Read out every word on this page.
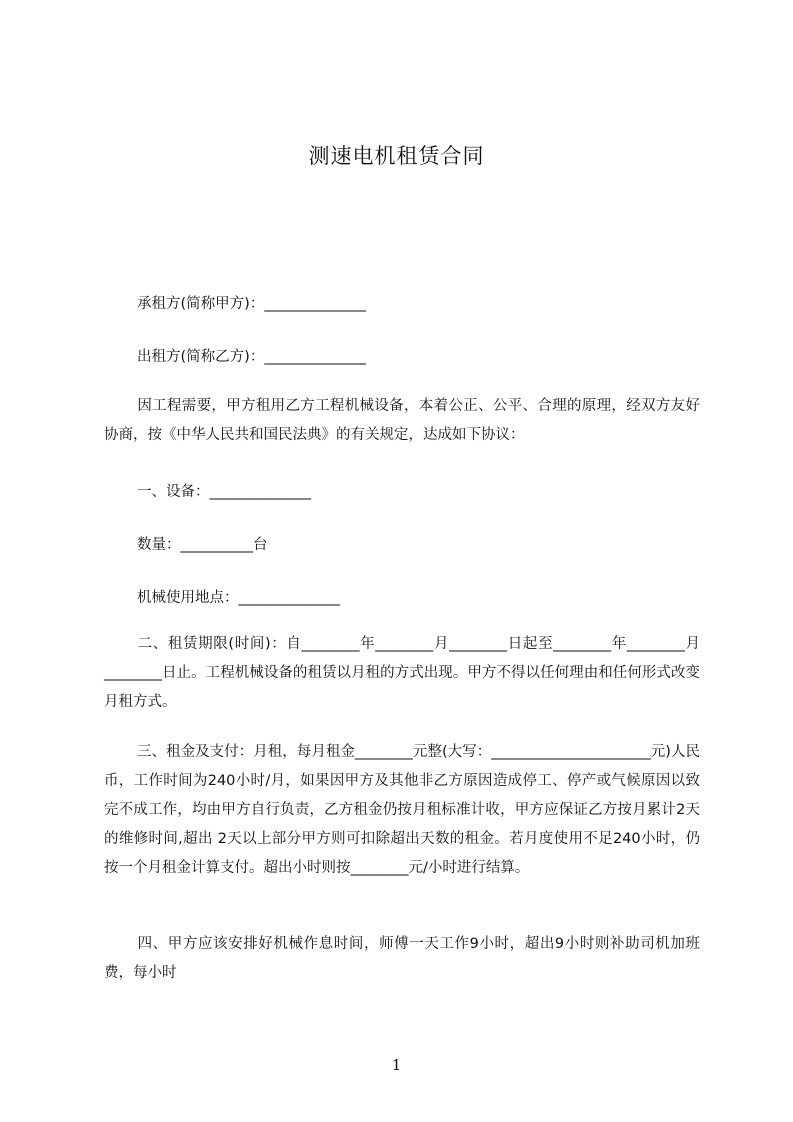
测速电机租赁合同
承租方(简称甲方)：______________
出租方(简称乙方)：______________
因工程需要，甲方租用乙方工程机械设备，本着公正、公平、合理的原理，经双方友好协商，按《中华人民共和国民法典》的有关规定，达成如下协议：
一、设备：______________
数量：__________台
机械使用地点：______________
二、租赁期限(时间)：自________年________月________日起至________年________月________日止。工程机械设备的租赁以月租的方式出现。甲方不得以任何理由和任何形式改变月租方式。
三、租金及支付：月租，每月租金________元整(大写：______________________元)人民币，工作时间为240小时/月，如果因甲方及其他非乙方原因造成停工、停产或气候原因以致完不成工作，均由甲方自行负责，乙方租金仍按月租标准计收，甲方应保证乙方按月累计2天的维修时间,超出 2天以上部分甲方则可扣除超出天数的租金。若月度使用不足240小时，仍按一个月租金计算支付。超出小时则按________元/小时进行结算。
四、甲方应该安排好机械作息时间，师傅一天工作9小时，超出9小时则补助司机加班费，每小时
1
